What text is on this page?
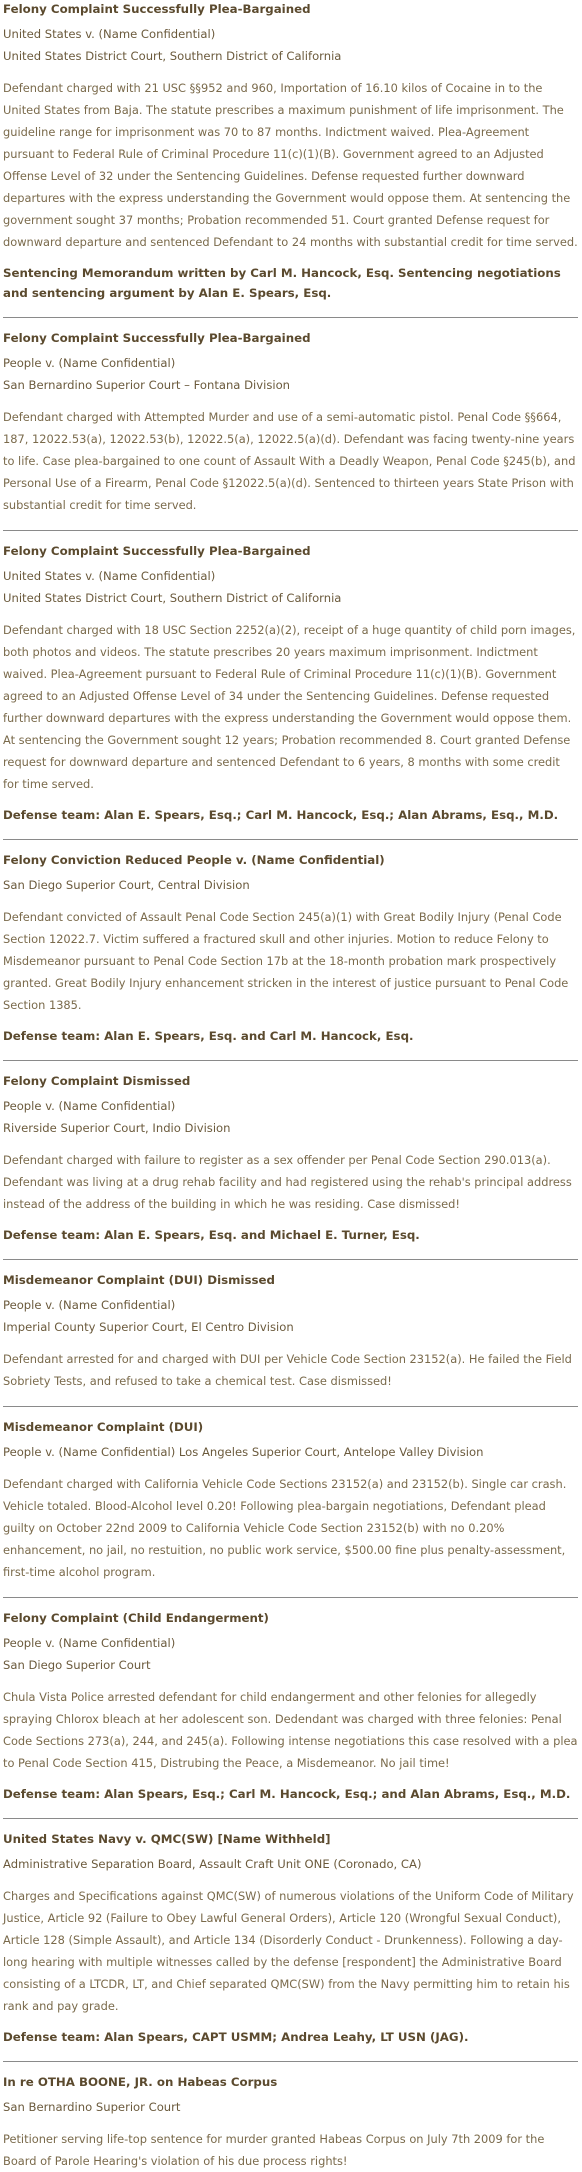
Felony Complaint Successfully Plea-Bargained
United States v. (Name Confidential)
United States District Court, Southern District of California
Defendant charged with 21 USC §§952 and 960, Importation of 16.10 kilos of Cocaine in to the United States from Baja. The statute prescribes a maximum punishment of life imprisonment. The guideline range for imprisonment was 70 to 87 months. Indictment waived. Plea-Agreement pursuant to Federal Rule of Criminal Procedure 11(c)(1)(B). Government agreed to an Adjusted Offense Level of 32 under the Sentencing Guidelines. Defense requested further downward departures with the express understanding the Government would oppose them. At sentencing the government sought 37 months; Probation recommended 51. Court granted Defense request for downward departure and sentenced Defendant to 24 months with substantial credit for time served.
Sentencing Memorandum written by Carl M. Hancock, Esq. Sentencing negotiations and sentencing argument by Alan E. Spears, Esq.
Felony Complaint Successfully Plea-Bargained
People v. (Name Confidential)
San Bernardino Superior Court – Fontana Division
Defendant charged with Attempted Murder and use of a semi-automatic pistol. Penal Code §§664, 187, 12022.53(a), 12022.53(b), 12022.5(a), 12022.5(a)(d). Defendant was facing twenty-nine years to life. Case plea-bargained to one count of Assault With a Deadly Weapon, Penal Code §245(b), and Personal Use of a Firearm, Penal Code §12022.5(a)(d). Sentenced to thirteen years State Prison with substantial credit for time served.
Felony Complaint Successfully Plea-Bargained
United States v. (Name Confidential)
United States District Court, Southern District of California
Defendant charged with 18 USC Section 2252(a)(2), receipt of a huge quantity of child porn images, both photos and videos. The statute prescribes 20 years maximum imprisonment. Indictment waived. Plea-Agreement pursuant to Federal Rule of Criminal Procedure 11(c)(1)(B). Government agreed to an Adjusted Offense Level of 34 under the Sentencing Guidelines. Defense requested further downward departures with the express understanding the Government would oppose them. At sentencing the Government sought 12 years; Probation recommended 8. Court granted Defense request for downward departure and sentenced Defendant to 6 years, 8 months with some credit for time served.
Defense team: Alan E. Spears, Esq.; Carl M. Hancock, Esq.; Alan Abrams, Esq., M.D.
Felony Conviction Reduced People v. (Name Confidential)
San Diego Superior Court, Central Division
Defendant convicted of Assault Penal Code Section 245(a)(1) with Great Bodily Injury (Penal Code Section 12022.7. Victim suffered a fractured skull and other injuries. Motion to reduce Felony to Misdemeanor pursuant to Penal Code Section 17b at the 18-month probation mark prospectively granted. Great Bodily Injury enhancement stricken in the interest of justice pursuant to Penal Code Section 1385.
Defense team: Alan E. Spears, Esq. and Carl M. Hancock, Esq.
Felony Complaint Dismissed
People v. (Name Confidential)
Riverside Superior Court, Indio Division
Defendant charged with failure to register as a sex offender per Penal Code Section 290.013(a). Defendant was living at a drug rehab facility and had registered using the rehab's principal address instead of the address of the building in which he was residing. Case dismissed!
Defense team: Alan E. Spears, Esq. and Michael E. Turner, Esq.
Misdemeanor Complaint (DUI) Dismissed
People v. (Name Confidential)
Imperial County Superior Court, El Centro Division
Defendant arrested for and charged with DUI per Vehicle Code Section 23152(a). He failed the Field Sobriety Tests, and refused to take a chemical test. Case dismissed!
Misdemeanor Complaint (DUI)
People v. (Name Confidential) Los Angeles Superior Court, Antelope Valley Division
Defendant charged with California Vehicle Code Sections 23152(a) and 23152(b). Single car crash. Vehicle totaled. Blood-Alcohol level 0.20! Following plea-bargain negotiations, Defendant plead guilty on October 22nd 2009 to California Vehicle Code Section 23152(b) with no 0.20% enhancement, no jail, no restuition, no public work service, $500.00 fine plus penalty-assessment, first-time alcohol program.
Felony Complaint (Child Endangerment)
People v. (Name Confidential)
San Diego Superior Court
Chula Vista Police arrested defendant for child endangerment and other felonies for allegedly spraying Chlorox bleach at her adolescent son. Dedendant was charged with three felonies: Penal Code Sections 273(a), 244, and 245(a). Following intense negotiations this case resolved with a plea to Penal Code Section 415, Distrubing the Peace, a Misdemeanor. No jail time!
Defense team: Alan Spears, Esq.; Carl M. Hancock, Esq.; and Alan Abrams, Esq., M.D.
United States Navy v. QMC(SW) [Name Withheld]
Administrative Separation Board, Assault Craft Unit ONE (Coronado, CA)
Charges and Specifications against QMC(SW) of numerous violations of the Uniform Code of Military Justice, Article 92 (Failure to Obey Lawful General Orders), Article 120 (Wrongful Sexual Conduct), Article 128 (Simple Assault), and Article 134 (Disorderly Conduct - Drunkenness). Following a day-long hearing with multiple witnesses called by the defense [respondent] the Administrative Board consisting of a LTCDR, LT, and Chief separated QMC(SW) from the Navy permitting him to retain his rank and pay grade.
Defense team: Alan Spears, CAPT USMM; Andrea Leahy, LT USN (JAG).
In re OTHA BOONE, JR. on Habeas Corpus
San Bernardino Superior Court
Petitioner serving life-top sentence for murder granted Habeas Corpus on July 7th 2009 for the Board of Parole Hearing's violation of his due process rights!
